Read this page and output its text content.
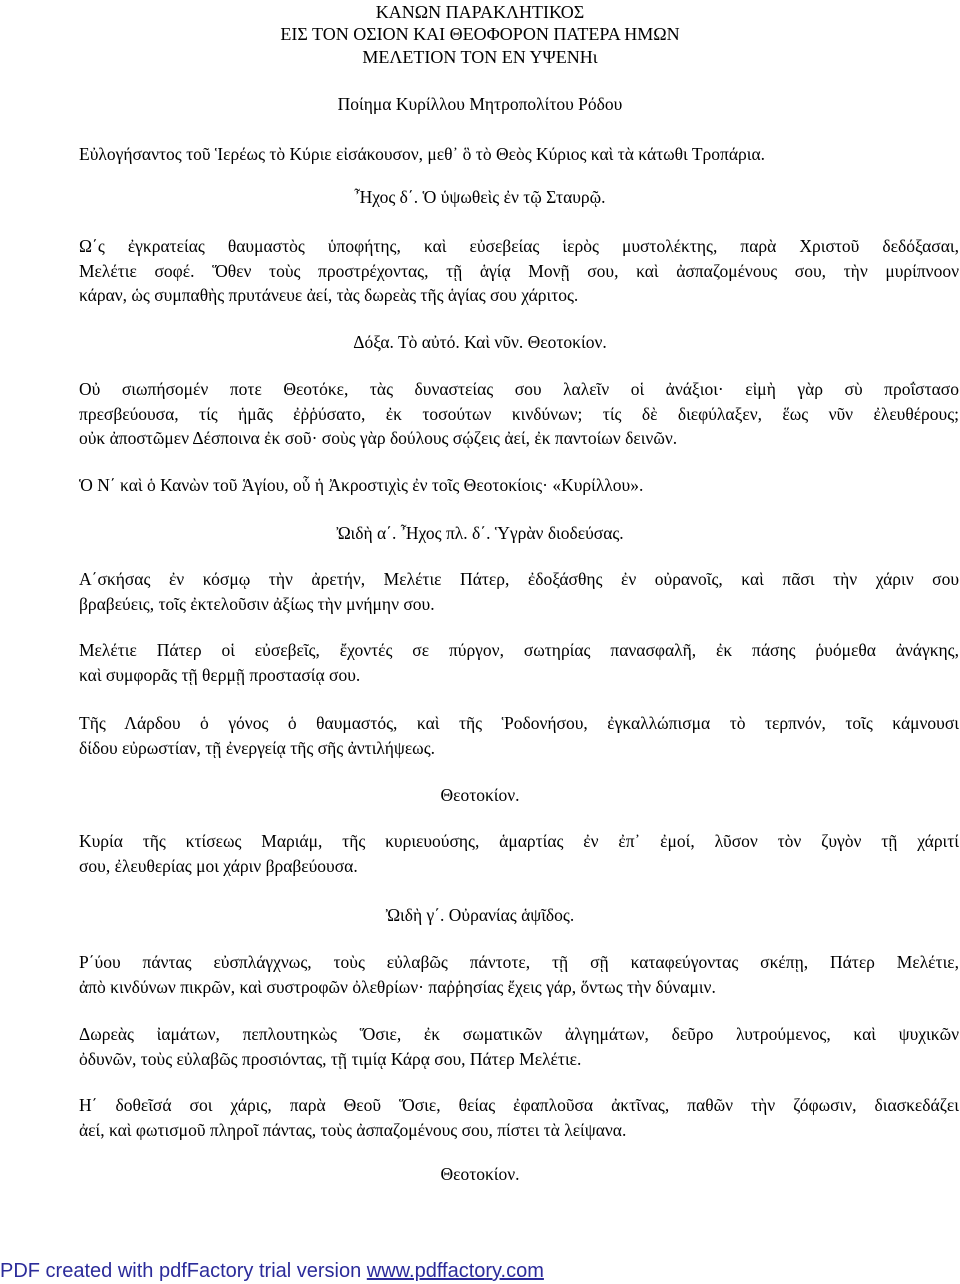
ΚΑΝΩΝ ΠΑΡΑΚΛΗΤΙΚΟΣ
ΕΙΣ ΤΟΝ ΟΣΙΟΝ ΚΑΙ ΘΕΟΦΟΡΟΝ ΠΑΤΕΡΑ ΗΜΩΝ
ΜΕΛΕΤΙΟΝ ΤΟΝ ΕΝ ΥΨΕΝΗι
Ποίημα Κυρίλλου Μητροπολίτου Ρόδου
Εὐλογήσαντος τοῦ Ἱερέως τὸ Κύριε εἰσάκουσον, μεθ᾿ ὃ τὸ Θεὸς Κύριος καὶ τὰ κάτωθι Τροπάρια.
Ἦχος δ΄. Ὁ ὑψωθεὶς ἐν τῷ Σταυρῷ.
Ω΄ς ἐγκρατείας θαυμαστὸς ὑποφήτης, καὶ εὐσεβείας ἱερὸς μυστολέκτης, παρὰ Χριστοῦ δεδόξασαι,
Μελέτιε σοφέ. Ὅθεν τοὺς προστρέχοντας, τῇ ἁγίᾳ Μονῇ σου, καὶ ἀσπαζομένους σου, τὴν μυρίπνοον
κάραν, ὡς συμπαθὴς πρυτάνευε ἀεί, τὰς δωρεὰς τῆς ἁγίας σου χάριτος.
Δόξα. Τὸ αὐτό. Καὶ νῦν. Θεοτοκίον.
Οὐ σιωπήσομέν ποτε Θεοτόκε, τὰς δυναστείας σου λαλεῖν οἱ ἀνάξιοι· εἰμὴ γὰρ σὺ προΐστασο
πρεσβεύουσα, τίς ἡμᾶς ἐῤῥύσατο, ἐκ τοσούτων κινδύνων; τίς δὲ διεφύλαξεν, ἕως νῦν ἐλευθέρους;
οὐκ ἀποστῶμεν Δέσποινα ἐκ σοῦ· σοὺς γὰρ δούλους σῴζεις ἀεί, ἐκ παντοίων δεινῶν.
Ὁ Ν΄ καὶ ὁ Κανὼν τοῦ Ἁγίου, οὗ ἡ Ἀκροστιχὶς ἐν τοῖς Θεοτοκίοις· «Κυρίλλου».
Ὠιδὴ α΄. Ἦχος πλ. δ΄. Ὑγρὰν διοδεύσας.
Α΄σκήσας ἐν κόσμῳ τὴν ἀρετήν, Μελέτιε Πάτερ, ἐδοξάσθης ἐν οὐρανοῖς, καὶ πᾶσι τὴν χάριν σου
βραβεύεις, τοῖς ἐκτελοῦσιν ἀξίως τὴν μνήμην σου.
Μελέτιε Πάτερ οἱ εὐσεβεῖς, ἔχοντές σε πύργον, σωτηρίας πανασφαλῆ, ἐκ πάσης ῥυόμεθα ἀνάγκης,
καὶ συμφορᾶς τῇ θερμῇ προστασίᾳ σου.
Τῆς Λάρδου ὁ γόνος ὁ θαυμαστός, καὶ τῆς Ῥοδονήσου, ἐγκαλλώπισμα τὸ τερπνόν, τοῖς κάμνουσι
δίδου εὐρωστίαν, τῇ ἐνεργείᾳ τῆς σῆς ἀντιλήψεως.
Θεοτοκίον.
Κυρία τῆς κτίσεως Μαριάμ, τῆς κυριευούσης, ἁμαρτίας ἐν ἐπ᾿ ἐμοί, λῦσον τὸν ζυγὸν τῇ χάριτί
σου, ἐλευθερίας μοι χάριν βραβεύουσα.
Ὠιδὴ γ΄. Οὐρανίας ἁψῖδος.
Ρ΄ύου πάντας εὐσπλάγχνως, τοὺς εὐλαβῶς πάντοτε, τῇ σῇ καταφεύγοντας σκέπῃ, Πάτερ Μελέτιε,
ἀπὸ κινδύνων πικρῶν, καὶ συστροφῶν ὀλεθρίων· παῤῥησίας ἔχεις γάρ, ὅντως τὴν δύναμιν.
Δωρεὰς ἰαμάτων, πεπλουτηκὼς Ὅσιε, ἐκ σωματικῶν ἀλγημάτων, δεῦρο λυτρούμενος, καὶ ψυχικῶν
ὀδυνῶν, τοὺς εὐλαβῶς προσιόντας, τῇ τιμίᾳ Κάρᾳ σου, Πάτερ Μελέτιε.
Η΄ δοθεῖσά σοι χάρις, παρὰ Θεοῦ Ὅσιε, θείας ἐφαπλοῦσα ἀκτῖνας, παθῶν τὴν ζόφωσιν, διασκεδάζει
ἀεί, καὶ φωτισμοῦ πληροῖ πάντας, τοὺς ἀσπαζομένους σου, πίστει τὰ λείψανα.
Θεοτοκίον.
PDF created with pdfFactory trial version www.pdffactory.com
